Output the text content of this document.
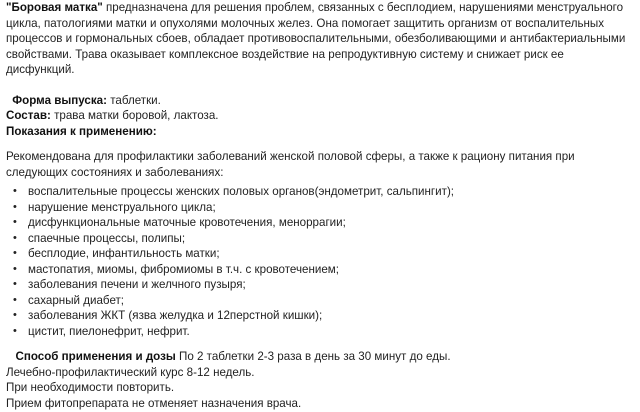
"Боровая матка" предназначена для решения проблем, связанных с бесплодием, нарушениями менструального цикла, патологиями матки и опухолями молочных желез. Она помогает защитить организм от воспалительных процессов и гормональных сбоев, обладает противовоспалительными, обезболивающими и антибактериальными свойствами. Трава оказывает комплексное воздействие на репродуктивную систему и снижает риск ее дисфункций.

Форма выпуска: таблетки.

Состав: трава матки боровой, лактоза.

Показания к применению:

Рекомендована для профилактики заболеваний женской половой сферы, а также к рациону питания при следующих состояниях и заболеваниях:

• воспалительные процессы женских половых органов(эндометрит, сальпингит);
• нарушение менструального цикла;
• дисфункциональные маточные кровотечения, меноррагии;
• спаечные процессы, полипы;
• бесплодие, инфантильность матки;
• мастопатия, миомы, фибромиомы в т.ч. с кровотечением;
• заболевания печени и желчного пузыря;
• сахарный диабет;
• заболевания ЖКТ (язва желудка и 12перстной кишки);
• цистит, пиелонефрит, нефрит.

Способ применения и дозы По 2 таблетки 2-3 раза в день за 30 минут до еды.

Лечебно-профилактический курс 8-12 недель.

При необходимости повторить.

Прием фитопрепарата не отменяет назначения врача.
